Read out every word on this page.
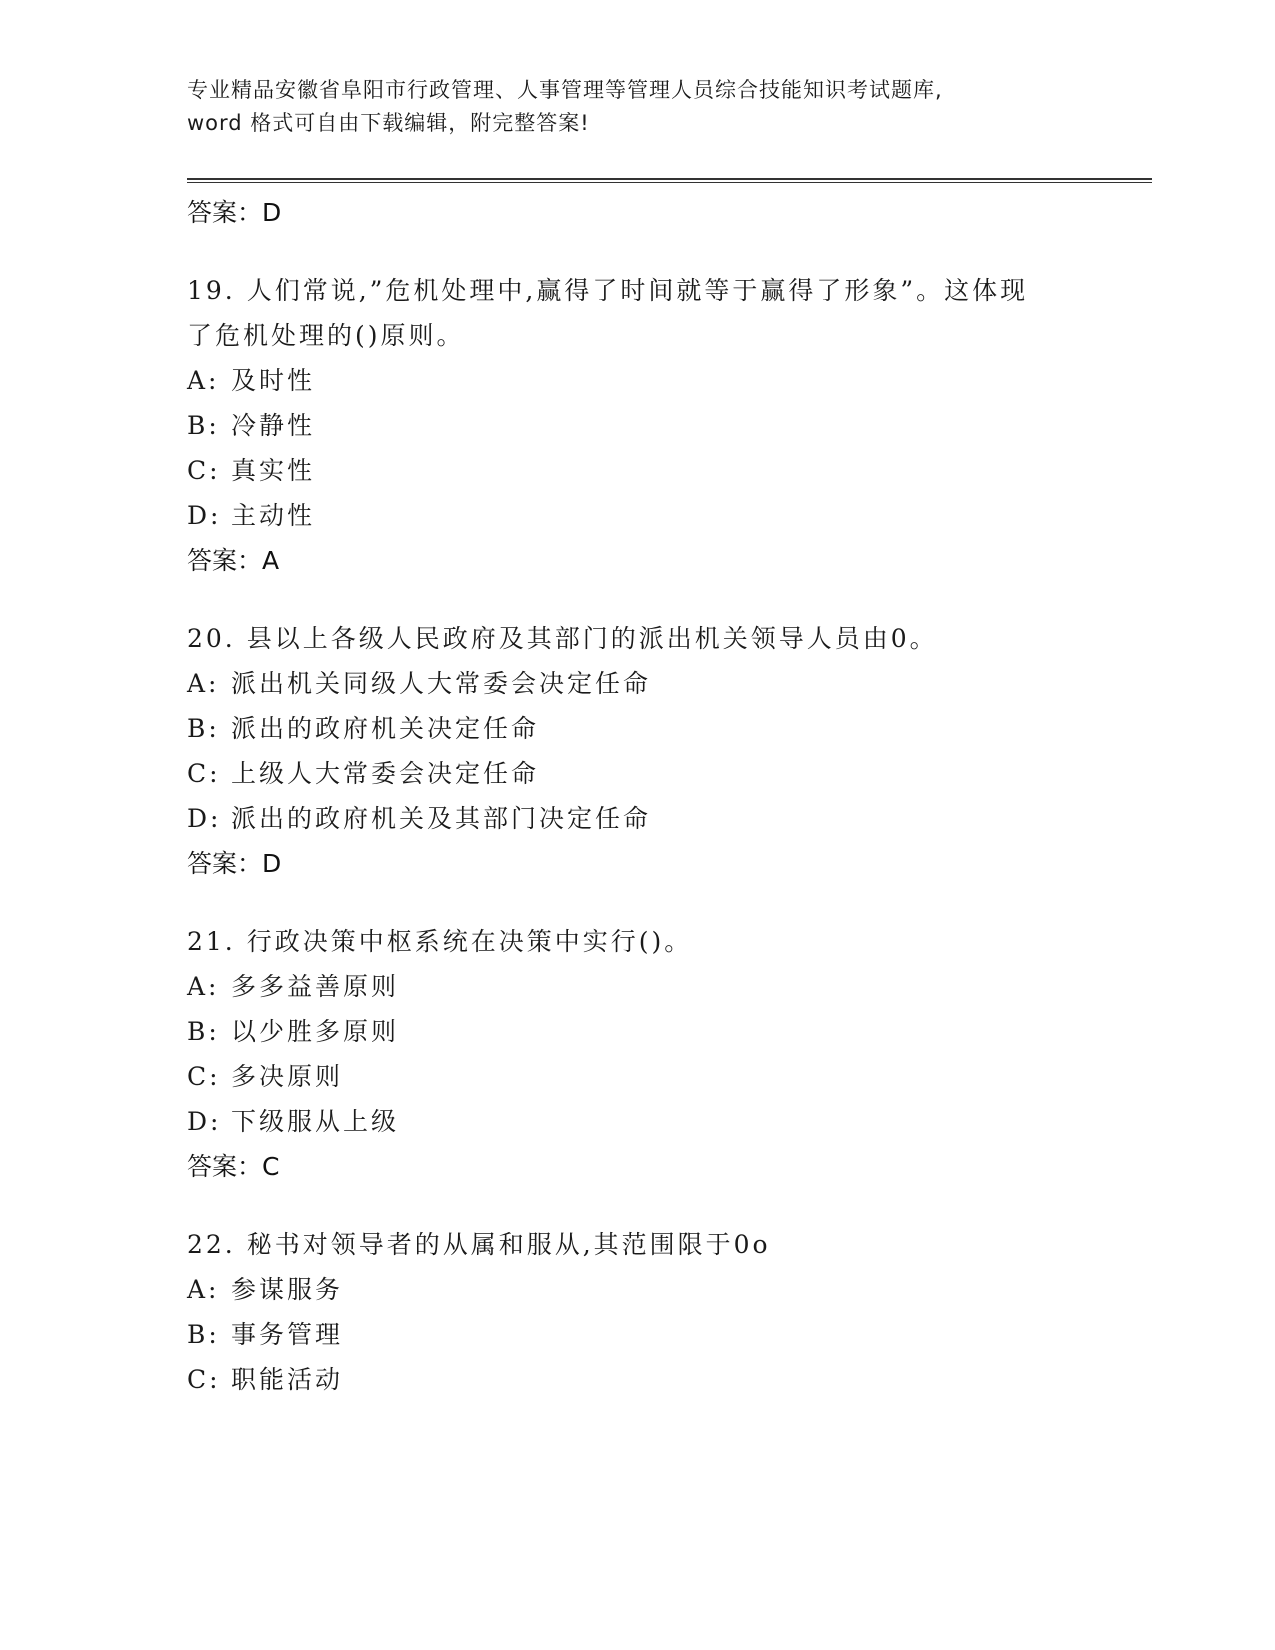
专业精品安徽省阜阳市行政管理、人事管理等管理人员综合技能知识考试题库,
word 格式可自由下载编辑，附完整答案!
答案：D
19. 人们常说,”危机处理中,赢得了时间就等于赢得了形象”。这体现了危机处理的()原则。
A: 及时性
B: 冷静性
C: 真实性
D: 主动性
答案：A
20. 县以上各级人民政府及其部门的派出机关领导人员由0。
A: 派出机关同级人大常委会决定任命
B: 派出的政府机关决定任命
C: 上级人大常委会决定任命
D: 派出的政府机关及其部门决定任命
答案：D
21. 行政决策中枢系统在决策中实行()。
A: 多多益善原则
B: 以少胜多原则
C: 多决原则
D: 下级服从上级
答案：C
22. 秘书对领导者的从属和服从,其范围限于0o
A: 参谋服务
B: 事务管理
C: 职能活动
